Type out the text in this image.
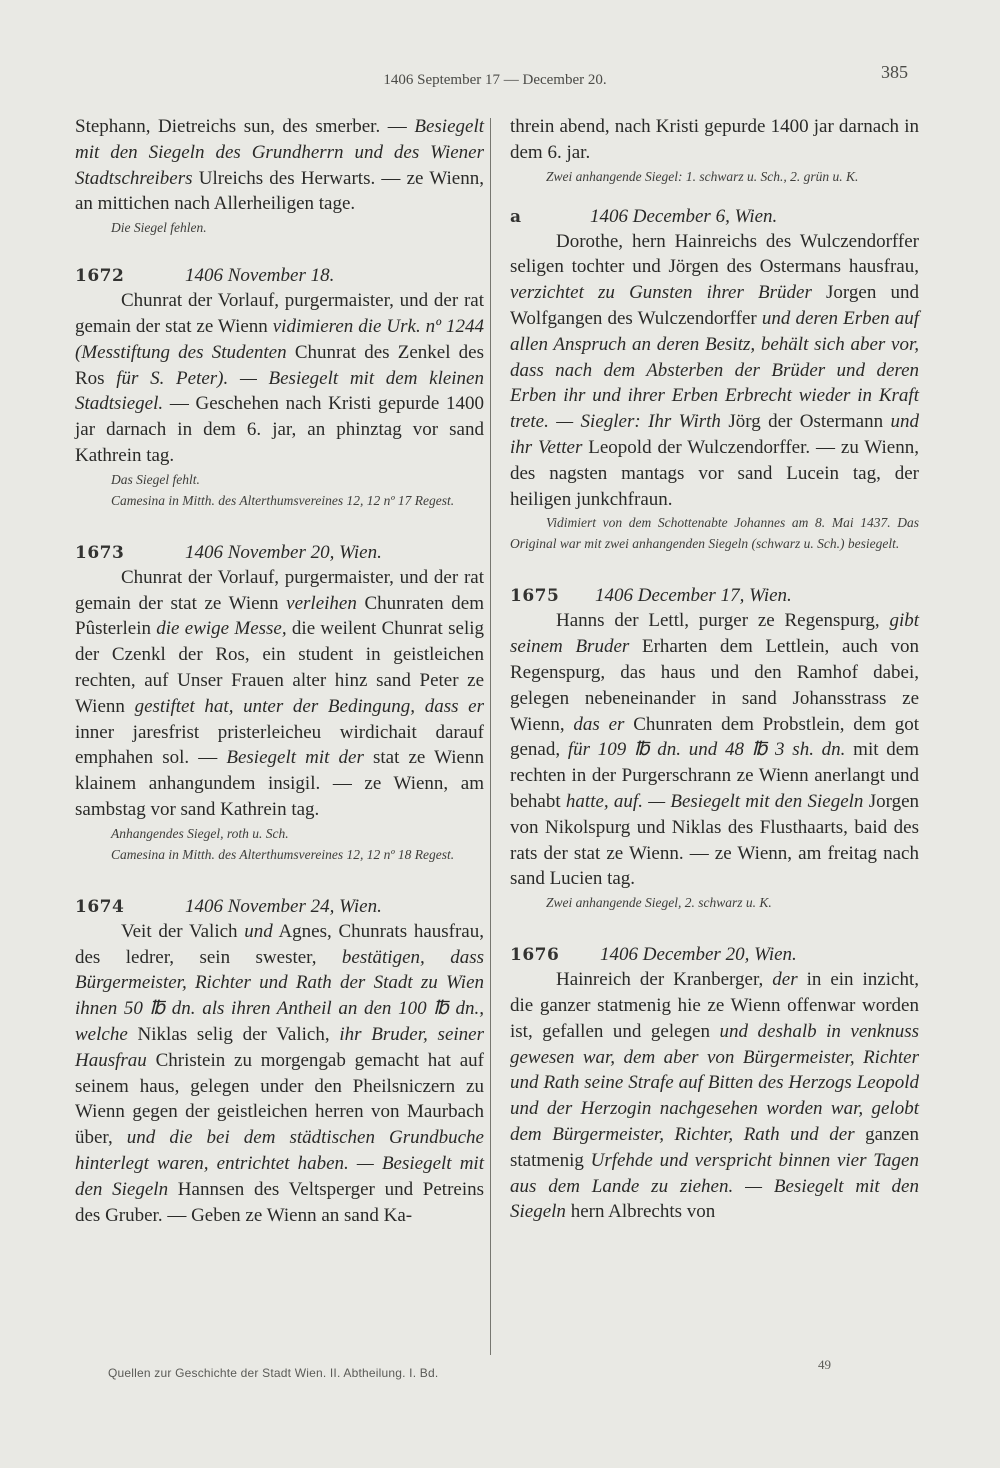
1406 September 17 — December 20.	385

Stephann, Dietreichs sun, des smerber. — Besiegelt mit den Siegeln des Grundherrn und des Wiener Stadtschreibers Ulreichs des Herwarts. — ze Wienn, an mittichen nach Allerheiligen tage.

Die Siegel fehlen.

1672	1406 November 18.

Chunrat der Vorlauf, purgermaister, und der rat gemain der stat ze Wienn vidimieren die Urk. nº 1244 (Messtiftung des Studenten Chunrat des Zenkel des Ros für S. Peter). — Besiegelt mit dem kleinen Stadtsiegel. — Geschehen nach Kristi gepurde 1400 jar darnach in dem 6. jar, an phinztag vor sand Kathrein tag.

Das Siegel fehlt.

Camesina in Mitth. des Alterthumsvereines 12, 12 nº 17 Regest.

1673	1406 November 20, Wien.

Chunrat der Vorlauf, purgermaister, und der rat gemain der stat ze Wienn verleihen Chunraten dem Pûsterlein die ewige Messe, die weilent Chunrat selig der Czenkl der Ros, ein student in geistleichen rechten, auf Unser Frauen alter hinz sand Peter ze Wienn gestiftet hat, unter der Bedingung, dass er inner jaresfrist pristerleicheu wirdichait darauf emphahen sol. — Besiegelt mit der stat ze Wienn klainem anhangundem insigil. — ze Wienn, am sambstag vor sand Kathrein tag.

Anhangendes Siegel, roth u. Sch.

Camesina in Mitth. des Alterthumsvereines 12, 12 nº 18 Regest.

1674	1406 November 24, Wien.

Veit der Valich und Agnes, Chunrats hausfrau, des ledrer, sein swester, bestätigen, dass Bürgermeister, Richter und Rath der Stadt zu Wien ihnen 50 ℔ dn. als ihren Antheil an den 100 ℔ dn., welche Niklas selig der Valich, ihr Bruder, seiner Hausfrau Christein zu morgengab gemacht hat auf seinem haus, gelegen under den Pheilsniczern zu Wienn gegen der geistleichen herren von Maurbach über, und die bei dem städtischen Grundbuche hinterlegt waren, entrichtet haben. — Besiegelt mit den Siegeln Hannsen des Veltsperger und Petreins des Gruber. — Geben ze Wienn an sand Ka-

threin abend, nach Kristi gepurde 1400 jar darnach in dem 6. jar.

Zwei anhangende Siegel: 1. schwarz u. Sch., 2. grün u. K.

a	1406 December 6, Wien.

Dorothe, hern Hainreichs des Wulczendorffer seligen tochter und Jörgen des Ostermans hausfrau, verzichtet zu Gunsten ihrer Brüder Jorgen und Wolfgangen des Wulczendorffer und deren Erben auf allen Anspruch an deren Besitz, behält sich aber vor, dass nach dem Absterben der Brüder und deren Erben ihr und ihrer Erben Erbrecht wieder in Kraft trete. — Siegler: Ihr Wirth Jörg der Ostermann und ihr Vetter Leopold der Wulczendorffer. — zu Wienn, des nagsten mantags vor sand Lucein tag, der heiligen junkchfraun.

Vidimiert von dem Schottenabte Johannes am 8. Mai 1437. Das Original war mit zwei anhangenden Siegeln (schwarz u. Sch.) besiegelt.

1675	1406 December 17, Wien.

Hanns der Lettl, purger ze Regenspurg, gibt seinem Bruder Erharten dem Lettlein, auch von Regenspurg, das haus und den Ramhof dabei, gelegen nebeneinander in sand Johansstrass ze Wienn, das er Chunraten dem Probstlein, dem got genad, für 109 ℔ dn. und 48 ℔ 3 sh. dn. mit dem rechten in der Purgerschrann ze Wienn anerlangt und behabt hatte, auf. — Besiegelt mit den Siegeln Jorgen von Nikolspurg und Niklas des Flusthaarts, baid des rats der stat ze Wienn. — ze Wienn, am freitag nach sand Lucien tag.

Zwei anhangende Siegel, 2. schwarz u. K.

1676	1406 December 20, Wien.

Hainreich der Kranberger, der in ein inzicht, die ganzer statmenig hie ze Wienn offenwar worden ist, gefallen und gelegen und deshalb in venknuss gewesen war, dem aber von Bürgermeister, Richter und Rath seine Strafe auf Bitten des Herzogs Leopold und der Herzogin nachgesehen worden war, gelobt dem Bürgermeister, Richter, Rath und der ganzen statmenig Urfehde und verspricht binnen vier Tagen aus dem Lande zu ziehen. — Besiegelt mit den Siegeln hern Albrechts von

Quellen zur Geschichte der Stadt Wien. II. Abtheilung. I. Bd.
49
